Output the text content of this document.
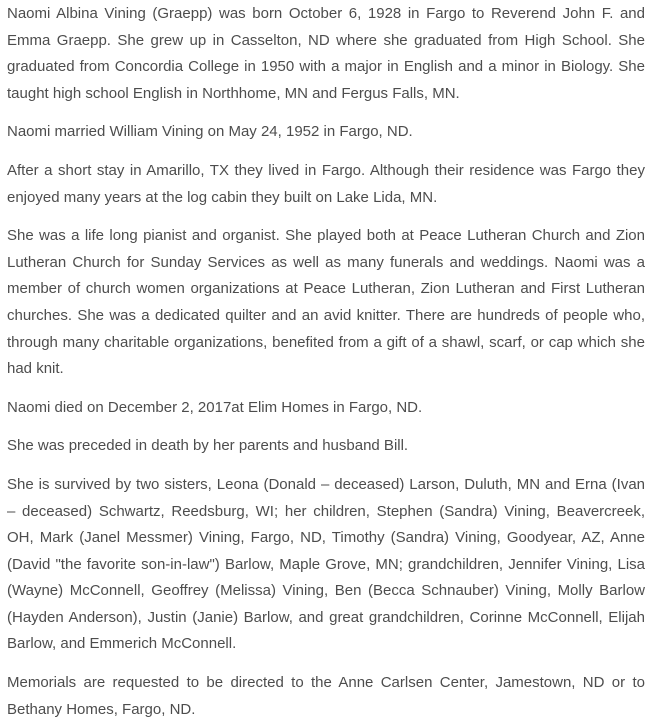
Naomi Albina Vining (Graepp) was born October 6, 1928 in Fargo to Reverend John F. and Emma Graepp. She grew up in Casselton, ND where she graduated from High School. She graduated from Concordia College in 1950 with a major in English and a minor in Biology. She taught high school English in Northhome, MN and Fergus Falls, MN.

Naomi married William Vining on May 24, 1952 in Fargo, ND.

After a short stay in Amarillo, TX they lived in Fargo. Although their residence was Fargo they enjoyed many years at the log cabin they built on Lake Lida, MN.

She was a life long pianist and organist. She played both at Peace Lutheran Church and Zion Lutheran Church for Sunday Services as well as many funerals and weddings. Naomi was a member of church women organizations at Peace Lutheran, Zion Lutheran and First Lutheran churches. She was a dedicated quilter and an avid knitter. There are hundreds of people who, through many charitable organizations, benefited from a gift of a shawl, scarf, or cap which she had knit.

Naomi died on December 2, 2017at Elim Homes in Fargo, ND.

She was preceded in death by her parents and husband Bill.

She is survived by two sisters, Leona (Donald – deceased) Larson, Duluth, MN and Erna (Ivan – deceased) Schwartz, Reedsburg, WI; her children, Stephen (Sandra) Vining, Beavercreek, OH, Mark (Janel Messmer) Vining, Fargo, ND, Timothy (Sandra) Vining, Goodyear, AZ, Anne (David "the favorite son-in-law") Barlow, Maple Grove, MN; grandchildren, Jennifer Vining, Lisa (Wayne) McConnell, Geoffrey (Melissa) Vining, Ben (Becca Schnauber) Vining, Molly Barlow (Hayden Anderson), Justin (Janie) Barlow, and great grandchildren, Corinne McConnell, Elijah Barlow, and Emmerich McConnell.

Memorials are requested to be directed to the Anne Carlsen Center, Jamestown, ND or to Bethany Homes, Fargo, ND.
